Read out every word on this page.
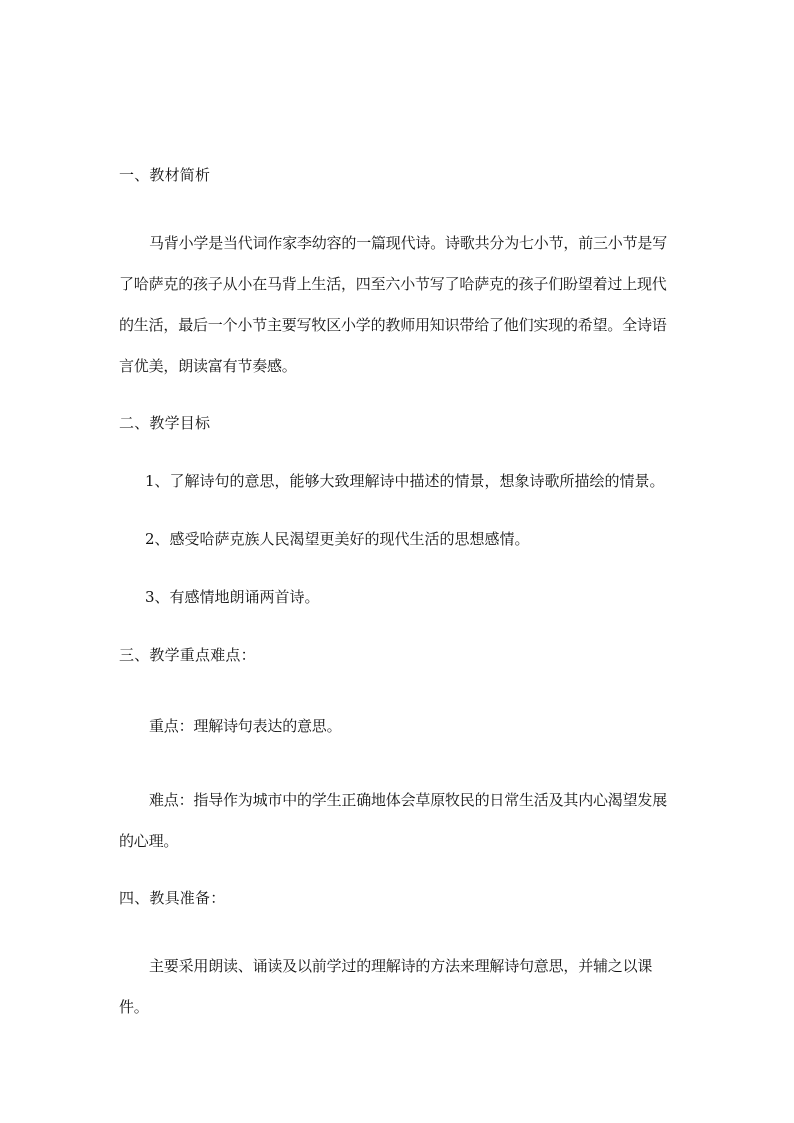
一、教材简析
马背小学是当代词作家李幼容的一篇现代诗。诗歌共分为七小节，前三小节是写了哈萨克的孩子从小在马背上生活，四至六小节写了哈萨克的孩子们盼望着过上现代的生活，最后一个小节主要写牧区小学的教师用知识带给了他们实现的希望。全诗语言优美，朗读富有节奏感。
二、教学目标
1、了解诗句的意思，能够大致理解诗中描述的情景，想象诗歌所描绘的情景。
2、感受哈萨克族人民渴望更美好的现代生活的思想感情。
3、有感情地朗诵两首诗。
三、教学重点难点：
重点：理解诗句表达的意思。
难点：指导作为城市中的学生正确地体会草原牧民的日常生活及其内心渴望发展的心理。
四、教具准备：
主要采用朗读、诵读及以前学过的理解诗的方法来理解诗句意思，并辅之以课件。
